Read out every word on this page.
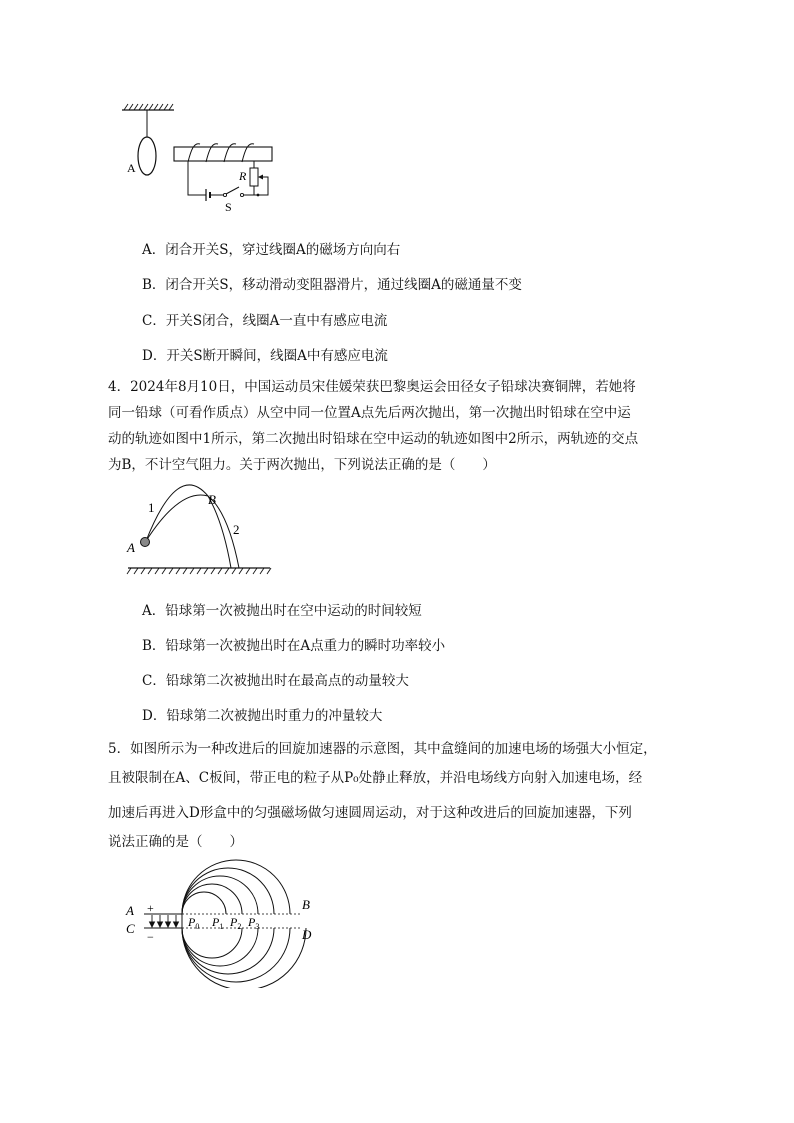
A
S
R
A．闭合开关S，穿过线圈A的磁场方向向右
B．闭合开关S，移动滑动变阻器滑片，通过线圈A的磁通量不变
C．开关S闭合，线圈A一直中有感应电流
D．开关S断开瞬间，线圈A中有感应电流
4．2024年8月10日，中国运动员宋佳媛荣获巴黎奥运会田径女子铅球决赛铜牌，若她将
同一铅球（可看作质点）从空中同一位置A点先后两次抛出，第一次抛出时铅球在空中运
动的轨迹如图中1所示，第二次抛出时铅球在空中运动的轨迹如图中2所示，两轨迹的交点
为B，不计空气阻力。关于两次抛出，下列说法正确的是（　　）
1
2
A
B
A．铅球第一次被抛出时在空中运动的时间较短
B．铅球第一次被抛出时在A点重力的瞬时功率较小
C．铅球第二次被抛出时在最高点的动量较大
D．铅球第二次被抛出时重力的冲量较大
5．如图所示为一种改进后的回旋加速器的示意图，其中盒缝间的加速电场的场强大小恒定，
且被限制在A、C板间，带正电的粒子从P₀处静止释放，并沿电场线方向射入加速电场，经
加速后再进入D形盒中的匀强磁场做匀速圆周运动，对于这种改进后的回旋加速器，下列
说法正确的是（　　）
A
C
+
−
B
D
$P_0$ $P_1$ $P_2$ $P_3$
